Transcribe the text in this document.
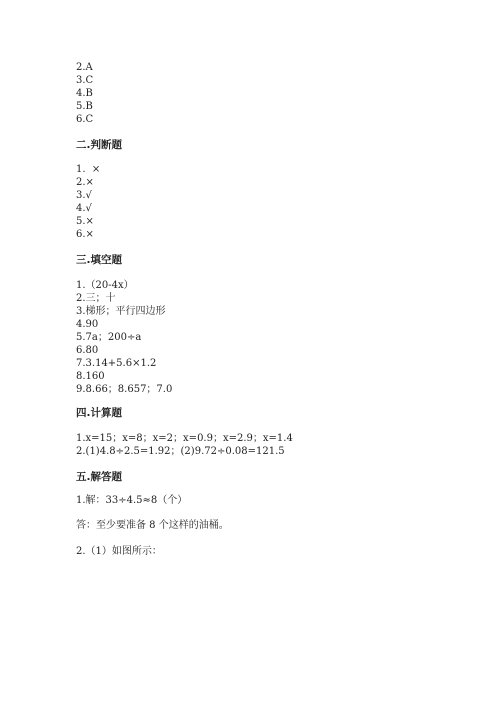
2.A
3.C
4.B
5.B
6.C
二.判断题
1.  ×
2.×
3.√
4.√
5.×
6.×
三.填空题
1.（20-4x）
2.三；十
3.梯形；平行四边形
4.90
5.7a；200÷a
6.80
7.3.14+5.6×1.2
8.160
9.8.66；8.657；7.0
四.计算题
1.x=15；x=8；x=2；x=0.9；x=2.9；x=1.4
2.(1)4.8÷2.5=1.92；(2)9.72÷0.08=121.5
五.解答题
1.解：33÷4.5≈8（个）
答：至少要准备 8 个这样的油桶。
2.（1）如图所示：
